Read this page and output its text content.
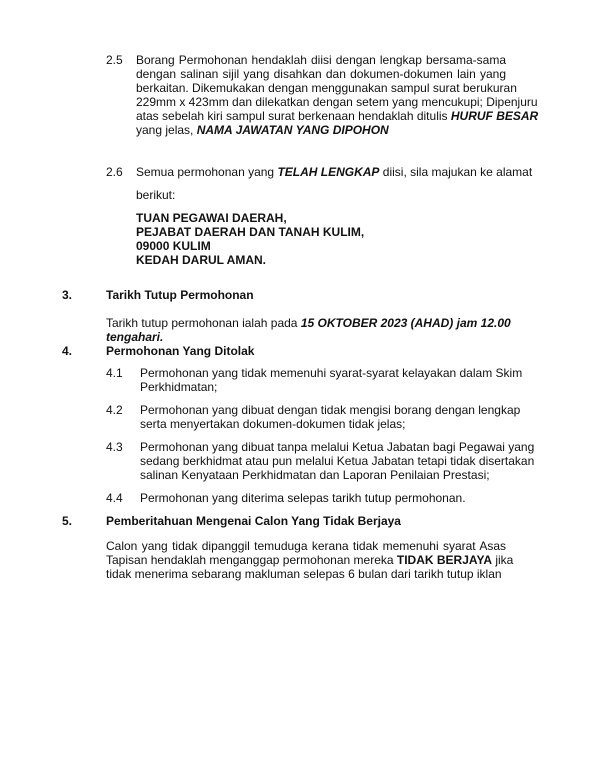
2.5 Borang Permohonan hendaklah diisi dengan lengkap bersama-sama
dengan salinan sijil yang disahkan dan dokumen-dokumen lain yang
berkaitan. Dikemukakan dengan menggunakan sampul surat berukuran
229mm x 423mm dan dilekatkan dengan setem yang mencukupi; Dipenjuru
atas sebelah kiri sampul surat berkenaan hendaklah ditulis HURUF BESAR
yang jelas, NAMA JAWATAN YANG DIPOHON
2.6 Semua permohonan yang TELAH LENGKAP diisi, sila majukan ke alamat
berikut:
TUAN PEGAWAI DAERAH,
PEJABAT DAERAH DAN TANAH KULIM,
09000 KULIM
KEDAH DARUL AMAN.
3.	Tarikh Tutup Permohonan
Tarikh tutup permohonan ialah pada 15 OKTOBER 2023 (AHAD) jam 12.00
tengahari.
4.	Permohonan Yang Ditolak
4.1 Permohonan yang tidak memenuhi syarat-syarat kelayakan dalam Skim
Perkhidmatan;
4.2 Permohonan yang dibuat dengan tidak mengisi borang dengan lengkap
serta menyertakan dokumen-dokumen tidak jelas;
4.3 Permohonan yang dibuat tanpa melalui Ketua Jabatan bagi Pegawai yang
sedang berkhidmat atau pun melalui Ketua Jabatan tetapi tidak disertakan
salinan Kenyataan Perkhidmatan dan Laporan Penilaian Prestasi;
4.4 Permohonan yang diterima selepas tarikh tutup permohonan.
5.	Pemberitahuan Mengenai Calon Yang Tidak Berjaya
Calon yang tidak dipanggil temuduga kerana tidak memenuhi syarat Asas
Tapisan hendaklah menganggap permohonan mereka TIDAK BERJAYA jika
tidak menerima sebarang makluman selepas 6 bulan dari tarikh tutup iklan
